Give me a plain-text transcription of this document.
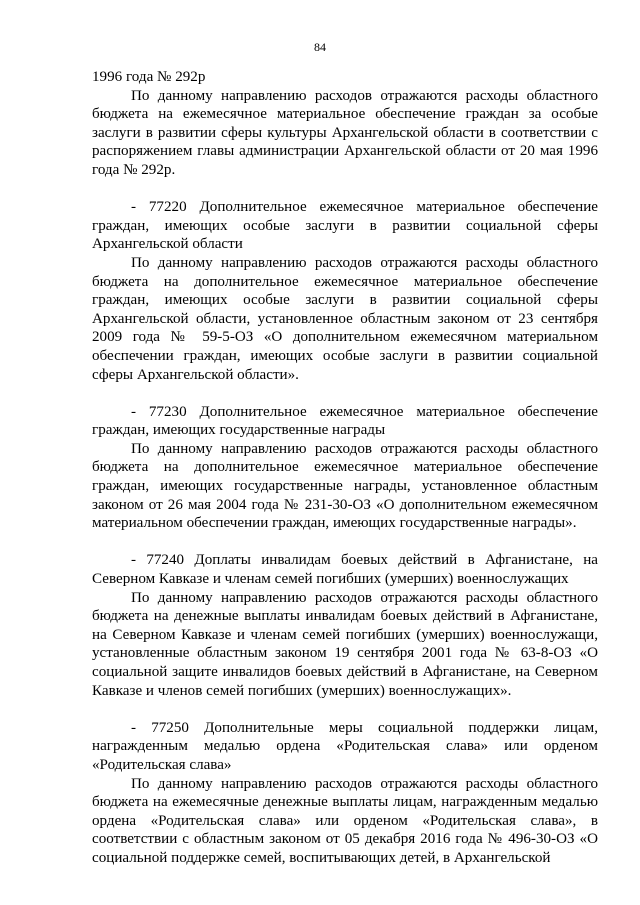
84

1996 года № 292р

По данному направлению расходов отражаются расходы областного бюджета на ежемесячное материальное обеспечение граждан за особые заслуги в развитии сферы культуры Архангельской области в соответствии с распоряжением главы администрации Архангельской области от 20 мая 1996 года № 292р.

- 77220 Дополнительное ежемесячное материальное обеспечение граждан, имеющих особые заслуги в развитии социальной сферы Архангельской области

По данному направлению расходов отражаются расходы областного бюджета на дополнительное ежемесячное материальное обеспечение граждан, имеющих особые заслуги в развитии социальной сферы Архангельской области, установленное областным законом от 23 сентября 2009 года № 59-5-ОЗ «О дополнительном ежемесячном материальном обеспечении граждан, имеющих особые заслуги в развитии социальной сферы Архангельской области».

- 77230 Дополнительное ежемесячное материальное обеспечение граждан, имеющих государственные награды

По данному направлению расходов отражаются расходы областного бюджета на дополнительное ежемесячное материальное обеспечение граждан, имеющих государственные награды, установленное областным законом от 26 мая 2004 года № 231-30-ОЗ «О дополнительном ежемесячном материальном обеспечении граждан, имеющих государственные награды».

- 77240 Доплаты инвалидам боевых действий в Афганистане, на Северном Кавказе и членам семей погибших (умерших) военнослужащих

По данному направлению расходов отражаются расходы областного бюджета на денежные выплаты инвалидам боевых действий в Афганистане, на Северном Кавказе и членам семей погибших (умерших) военнослужащи, установленные областным законом 19 сентября 2001 года № 63-8-ОЗ «О социальной защите инвалидов боевых действий в Афганистане, на Северном Кавказе и членов семей погибших (умерших) военнослужащих».

- 77250 Дополнительные меры социальной поддержки лицам, награжденным медалью ордена «Родительская слава» или орденом «Родительская слава»

По данному направлению расходов отражаются расходы областного бюджета на ежемесячные денежные выплаты лицам, награжденным медалью ордена «Родительская слава» или орденом «Родительская слава», в соответствии с областным законом от 05 декабря 2016 года № 496-30-ОЗ «О социальной поддержке семей, воспитывающих детей, в Архангельской
